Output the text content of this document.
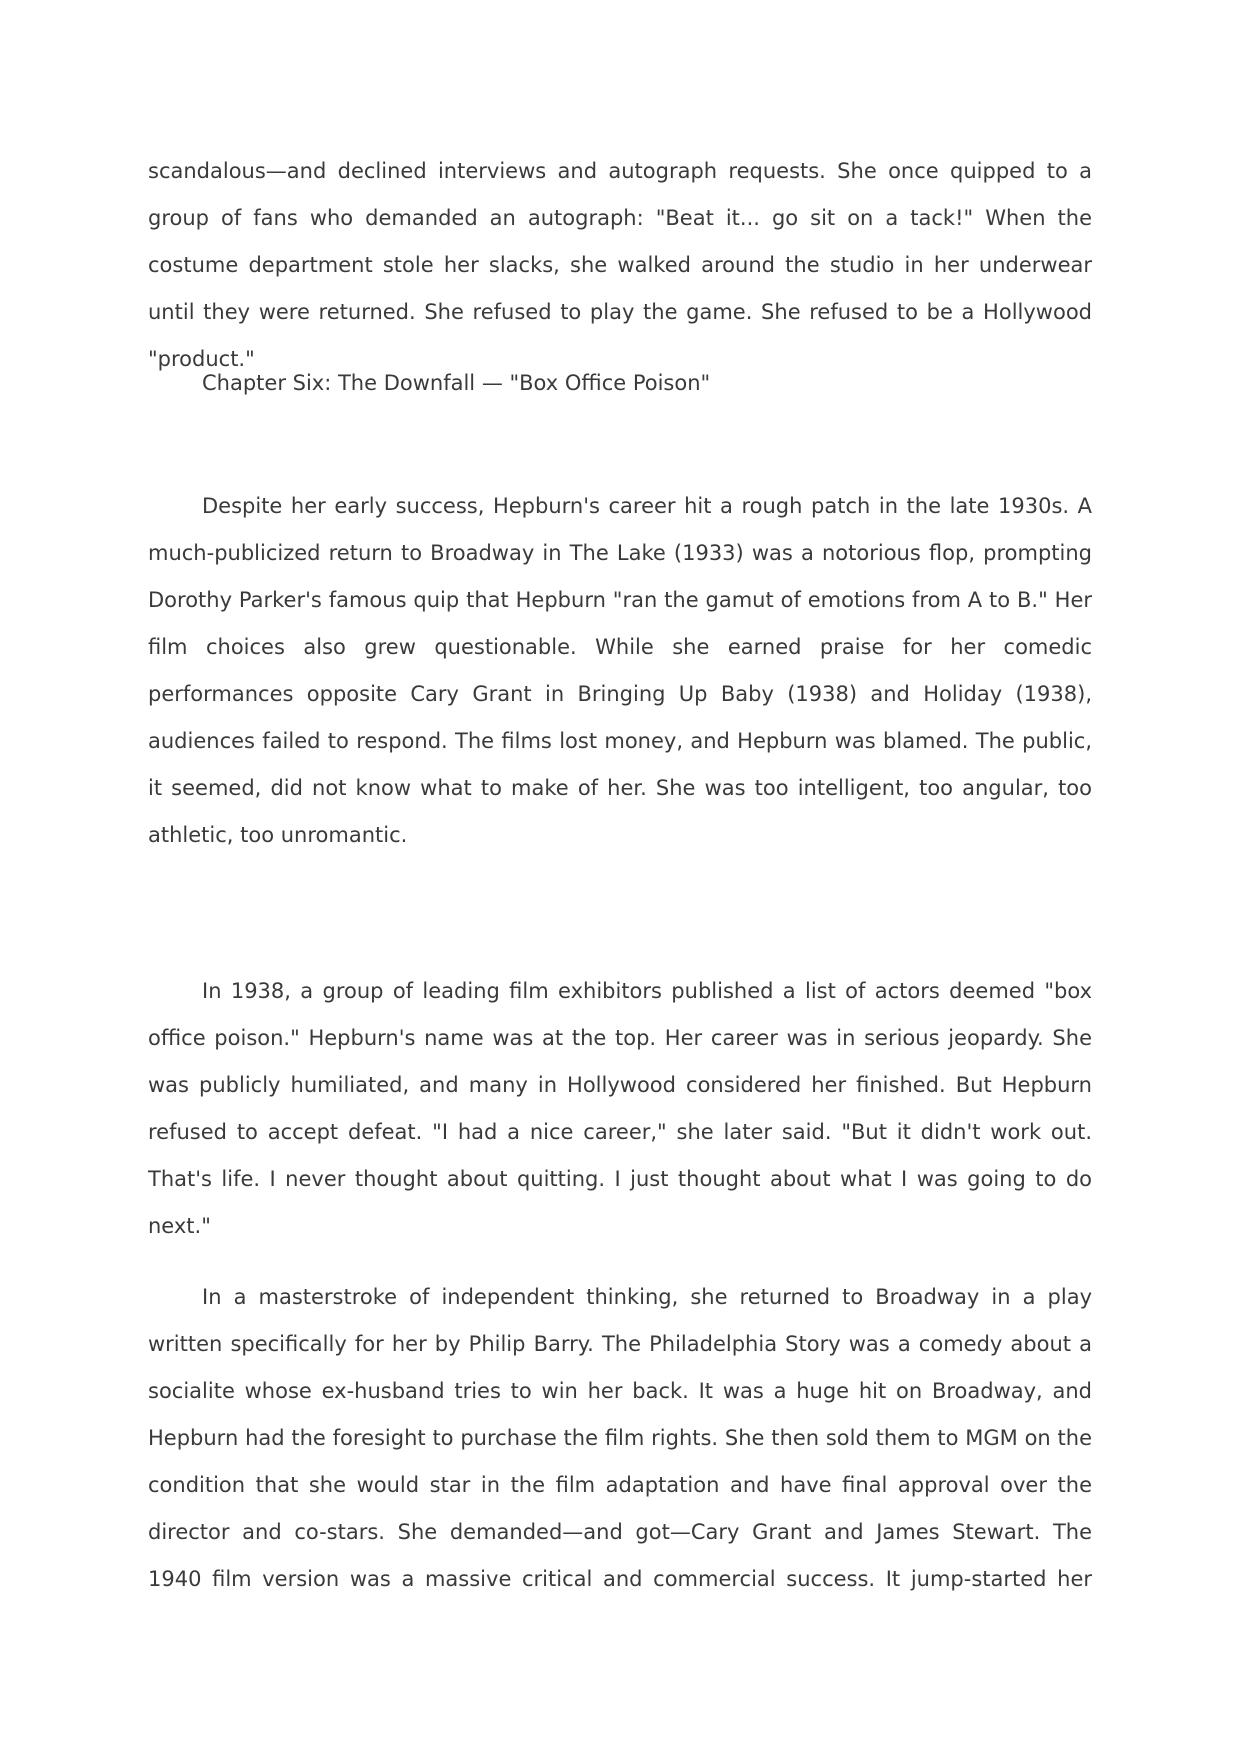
scandalous—and declined interviews and autograph requests. She once quipped to a group of fans who demanded an autograph: "Beat it... go sit on a tack!" When the costume department stole her slacks, she walked around the studio in her underwear until they were returned. She refused to play the game. She refused to be a Hollywood "product."

Chapter Six: The Downfall — "Box Office Poison"

Despite her early success, Hepburn's career hit a rough patch in the late 1930s. A much-publicized return to Broadway in The Lake (1933) was a notorious flop, prompting Dorothy Parker's famous quip that Hepburn "ran the gamut of emotions from A to B." Her film choices also grew questionable. While she earned praise for her comedic performances opposite Cary Grant in Bringing Up Baby (1938) and Holiday (1938), audiences failed to respond. The films lost money, and Hepburn was blamed. The public, it seemed, did not know what to make of her. She was too intelligent, too angular, too athletic, too unromantic.

In 1938, a group of leading film exhibitors published a list of actors deemed "box office poison." Hepburn's name was at the top. Her career was in serious jeopardy. She was publicly humiliated, and many in Hollywood considered her finished. But Hepburn refused to accept defeat. "I had a nice career," she later said. "But it didn't work out. That's life. I never thought about quitting. I just thought about what I was going to do next."

In a masterstroke of independent thinking, she returned to Broadway in a play written specifically for her by Philip Barry. The Philadelphia Story was a comedy about a socialite whose ex-husband tries to win her back. It was a huge hit on Broadway, and Hepburn had the foresight to purchase the film rights. She then sold them to MGM on the condition that she would star in the film adaptation and have final approval over the director and co-stars. She demanded—and got—Cary Grant and James Stewart. The 1940 film version was a massive critical and commercial success. It jump-started her
